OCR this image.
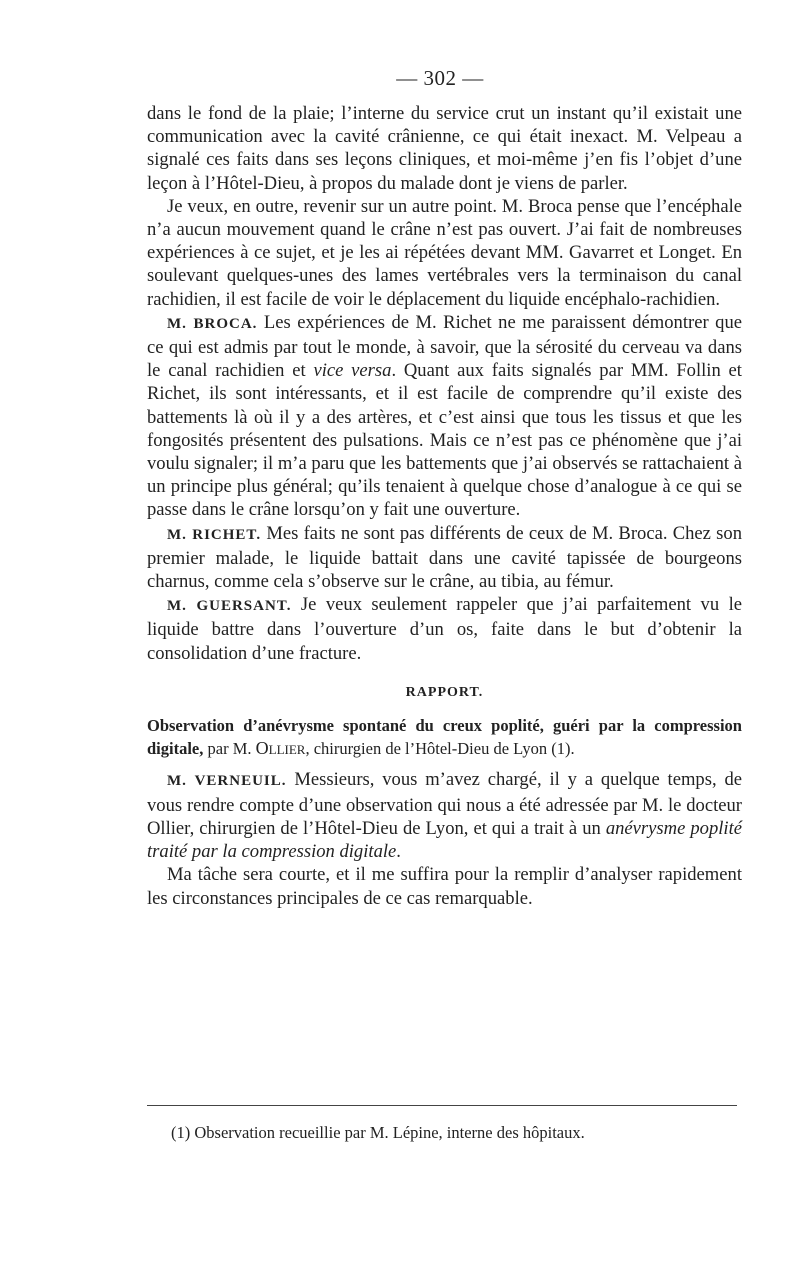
— 302 —

dans le fond de la plaie; l’interne du service crut un instant qu’il existait une communication avec la cavité crânienne, ce qui était inexact. M. Velpeau a signalé ces faits dans ses leçons cliniques, et moi-même j’en fis l’objet d’une leçon à l’Hôtel-Dieu, à propos du malade dont je viens de parler.

Je veux, en outre, revenir sur un autre point. M. Broca pense que l’encéphale n’a aucun mouvement quand le crâne n’est pas ouvert. J’ai fait de nombreuses expériences à ce sujet, et je les ai répétées devant MM. Gavarret et Longet. En soulevant quelques-unes des lames vertébrales vers la terminaison du canal rachidien, il est facile de voir le déplacement du liquide encéphalo-rachidien.

M. BROCA. Les expériences de M. Richet ne me paraissent démontrer que ce qui est admis par tout le monde, à savoir, que la sérosité du cerveau va dans le canal rachidien et vice versa. Quant aux faits signalés par MM. Follin et Richet, ils sont intéressants, et il est facile de comprendre qu’il existe des battements là où il y a des artères, et c’est ainsi que tous les tissus et que les fongosités présentent des pulsations. Mais ce n’est pas ce phénomène que j’ai voulu signaler; il m’a paru que les battements que j’ai observés se rattachaient à un principe plus général; qu’ils tenaient à quelque chose d’analogue à ce qui se passe dans le crâne lorsqu’on y fait une ouverture.

M. RICHET. Mes faits ne sont pas différents de ceux de M. Broca. Chez son premier malade, le liquide battait dans une cavité tapissée de bourgeons charnus, comme cela s’observe sur le crâne, au tibia, au fémur.

M. GUERSANT. Je veux seulement rappeler que j’ai parfaitement vu le liquide battre dans l’ouverture d’un os, faite dans le but d’obtenir la consolidation d’une fracture.

RAPPORT.

Observation d’anévrysme spontané du creux poplité, guéri par la compression digitale, par M. Ollier, chirurgien de l’Hôtel-Dieu de Lyon (1).

M. VERNEUIL. Messieurs, vous m’avez chargé, il y a quelque temps, de vous rendre compte d’une observation qui nous a été adressée par M. le docteur Ollier, chirurgien de l’Hôtel-Dieu de Lyon, et qui a trait à un anévrysme poplité traité par la compression digitale.

Ma tâche sera courte, et il me suffira pour la remplir d’analyser rapidement les circonstances principales de ce cas remarquable.

(1) Observation recueillie par M. Lépine, interne des hôpitaux.
